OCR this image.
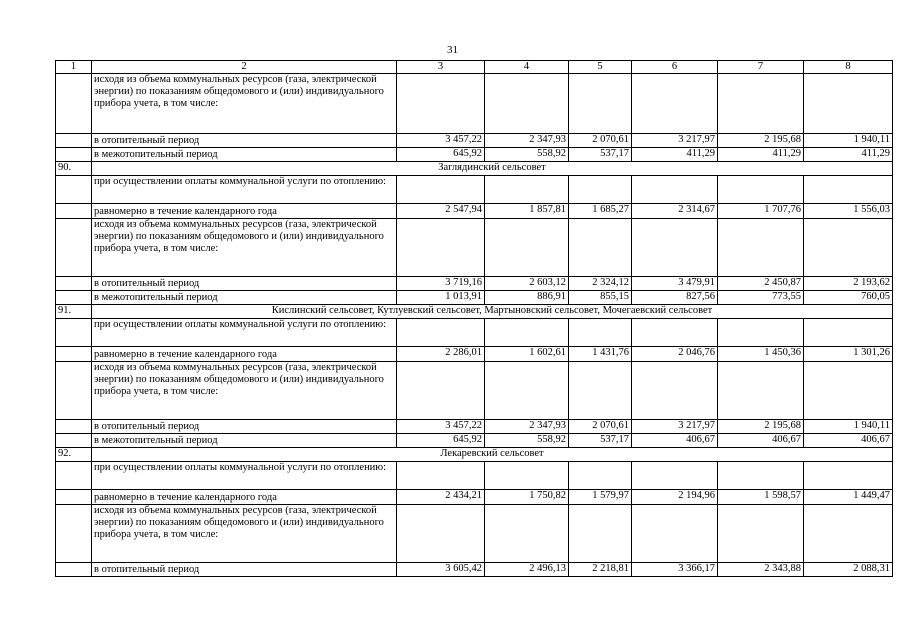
31
1	2	3	4	5	6	7	8
	исходя из объема коммунальных ресурсов (газа, электрической энергии) по показаниям общедомового и (или) индивидуального прибора учета, в том числе:						
	в отопительный период	3 457,22	2 347,93	2 070,61	3 217,97	2 195,68	1 940,11
	в межотопительный период	645,92	558,92	537,17	411,29	411,29	411,29
90.	Заглядинский сельсовет						
	при осуществлении оплаты коммунальной услуги по отоплению:						
	равномерно в течение календарного года	2 547,94	1 857,81	1 685,27	2 314,67	1 707,76	1 556,03
	исходя из объема коммунальных ресурсов (газа, электрической энергии) по показаниям общедомового и (или) индивидуального прибора учета, в том числе:						
	в отопительный период	3 719,16	2 603,12	2 324,12	3 479,91	2 450,87	2 193,62
	в межотопительный период	1 013,91	886,91	855,15	827,56	773,55	760,05
91.	Кислинский сельсовет, Кутлуевский сельсовет, Мартыновский сельсовет, Мочегаевский сельсовет						
	при осуществлении оплаты коммунальной услуги по отоплению:						
	равномерно в течение календарного года	2 286,01	1 602,61	1 431,76	2 046,76	1 450,36	1 301,26
	исходя из объема коммунальных ресурсов (газа, электрической энергии) по показаниям общедомового и (или) индивидуального прибора учета, в том числе:						
	в отопительный период	3 457,22	2 347,93	2 070,61	3 217,97	2 195,68	1 940,11
	в межотопительный период	645,92	558,92	537,17	406,67	406,67	406,67
92.	Лекаревский сельсовет						
	при осуществлении оплаты коммунальной услуги по отоплению:						
	равномерно в течение календарного года	2 434,21	1 750,82	1 579,97	2 194,96	1 598,57	1 449,47
	исходя из объема коммунальных ресурсов (газа, электрической энергии) по показаниям общедомового и (или) индивидуального прибора учета, в том числе:						
	в отопительный период	3 605,42	2 496,13	2 218,81	3 366,17	2 343,88	2 088,31
